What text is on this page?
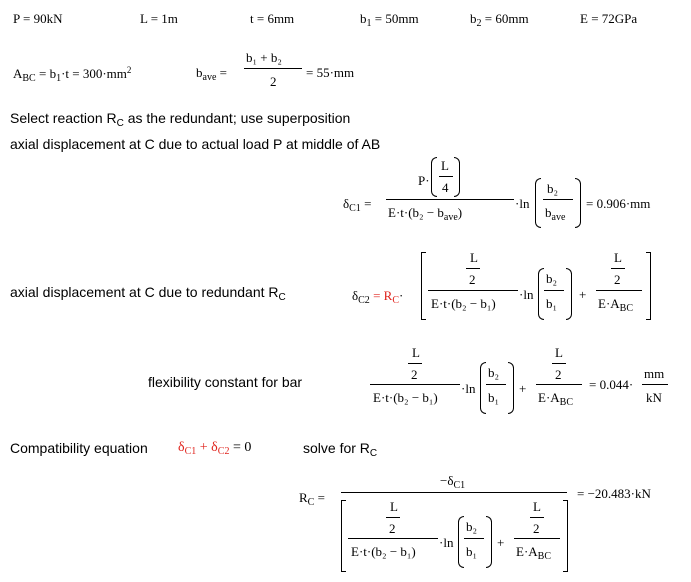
P = 90kN	L = 1m	t = 6mm	$b_1 = 50mm$	$b_2 = 60mm$	E = 72GPa
$A_{BC} = b_1\cdot t = 300\cdot mm^2$	$b_{ave}$ =
b₁ + b₂
2
= 55·mm
Select reaction $R_C$ as the redundant; use superposition
axial displacement at C due to actual load P at middle of AB
$\delta_{C1}$ =
P·
L
4
$E\cdot t\cdot(b_2 - b_{ave})$
·ln
b₂
$b_{ave}$
= 0.906·mm
axial displacement at C due to redundant $R_C$	$\delta_{C2} = R_C\cdot$
L
2
E·t·(b₂ − b₁)
·ln
b₂
b₁
+
L
2
$E\cdot A_{BC}$
flexibility constant for bar
L
2
E·t·(b₂ − b₁)
·ln
b₂
b₁
+
L
2
$E\cdot A_{BC}$
= 0.044·
mm
kN
Compatibility equation $\delta_{C1} + \delta_{C2} = 0$	solve for $R_C$
$R_C$ =
$-\delta_{C1}$
L
2
E·t·(b₂ − b₁)
·ln
b₂
b₁
+
L
2
$E\cdot A_{BC}$
= −20.483·kN
